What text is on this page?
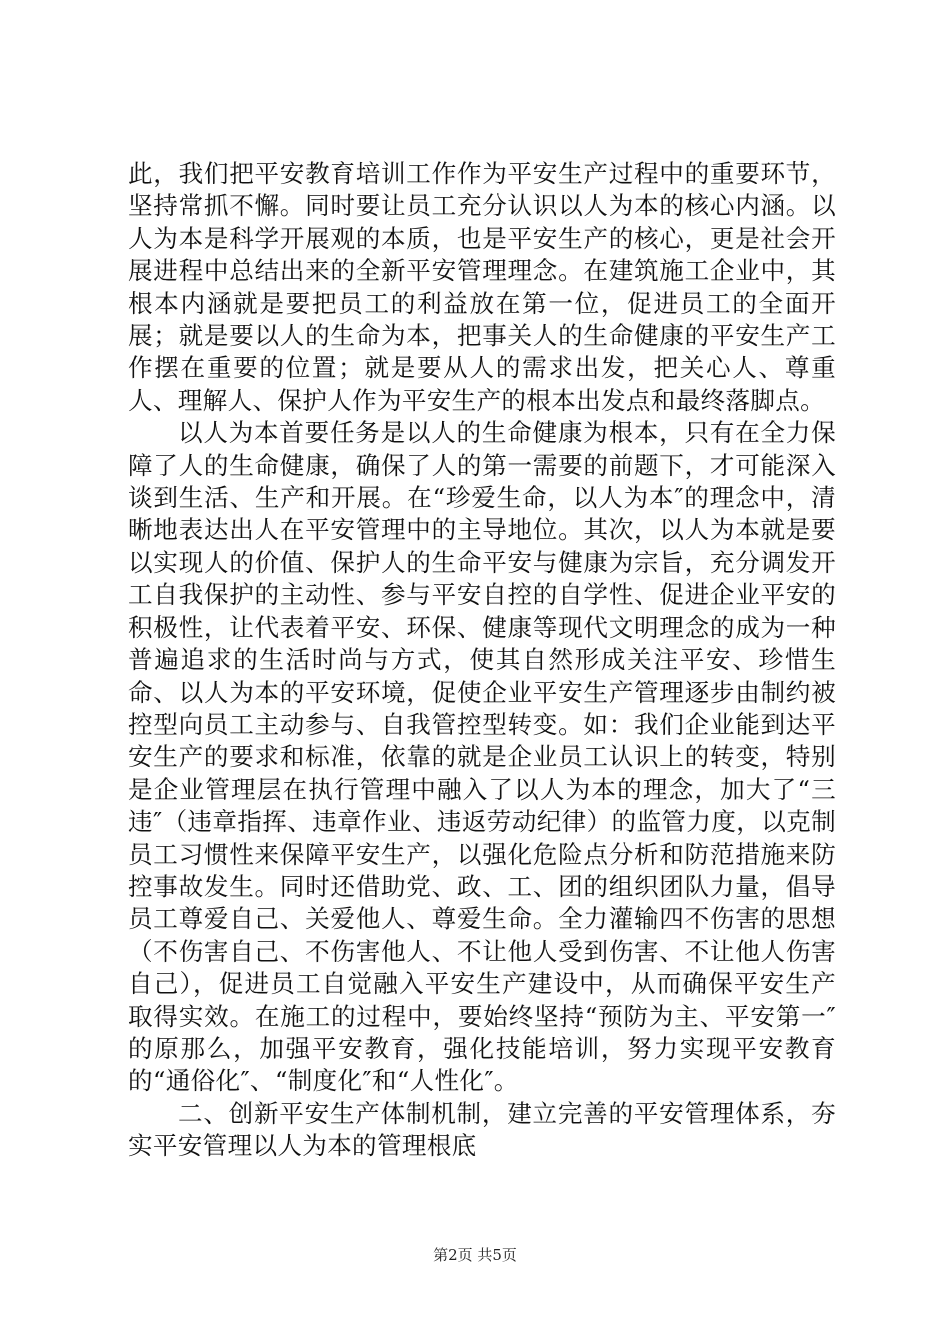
此，我们把平安教育培训工作作为平安生产过程中的重要环节，坚持常抓不懈。同时要让员工充分认识以人为本的核心内涵。以人为本是科学开展观的本质，也是平安生产的核心，更是社会开展进程中总结出来的全新平安管理理念。在建筑施工企业中，其根本内涵就是要把员工的利益放在第一位，促进员工的全面开展；就是要以人的生命为本，把事关人的生命健康的平安生产工作摆在重要的位置；就是要从人的需求出发，把关心人、尊重人、理解人、保护人作为平安生产的根本出发点和最终落脚点。

以人为本首要任务是以人的生命健康为根本，只有在全力保障了人的生命健康，确保了人的第一需要的前题下，才可能深入谈到生活、生产和开展。在“珍爱生命，以人为本″的理念中，清晰地表达出人在平安管理中的主导地位。其次，以人为本就是要以实现人的价值、保护人的生命平安与健康为宗旨，充分调发开工自我保护的主动性、参与平安自控的自学性、促进企业平安的积极性，让代表着平安、环保、健康等现代文明理念的成为一种普遍追求的生活时尚与方式，使其自然形成关注平安、珍惜生命、以人为本的平安环境，促使企业平安生产管理逐步由制约被控型向员工主动参与、自我管控型转变。如：我们企业能到达平安生产的要求和标准，依靠的就是企业员工认识上的转变，特别是企业管理层在执行管理中融入了以人为本的理念，加大了“三违″（违章指挥、违章作业、违返劳动纪律）的监管力度，以克制员工习惯性来保障平安生产，以强化危险点分析和防范措施来防控事故发生。同时还借助党、政、工、团的组织团队力量，倡导员工尊爱自己、关爱他人、尊爱生命。全力灌输四不伤害的思想（不伤害自己、不伤害他人、不让他人受到伤害、不让他人伤害自己），促进员工自觉融入平安生产建设中，从而确保平安生产取得实效。在施工的过程中，要始终坚持“预防为主、平安第一″的原那么，加强平安教育，强化技能培训，努力实现平安教育的“通俗化″、“制度化″和“人性化″。

二、创新平安生产体制机制，建立完善的平安管理体系，夯实平安管理以人为本的管理根底

第2页 共5页
